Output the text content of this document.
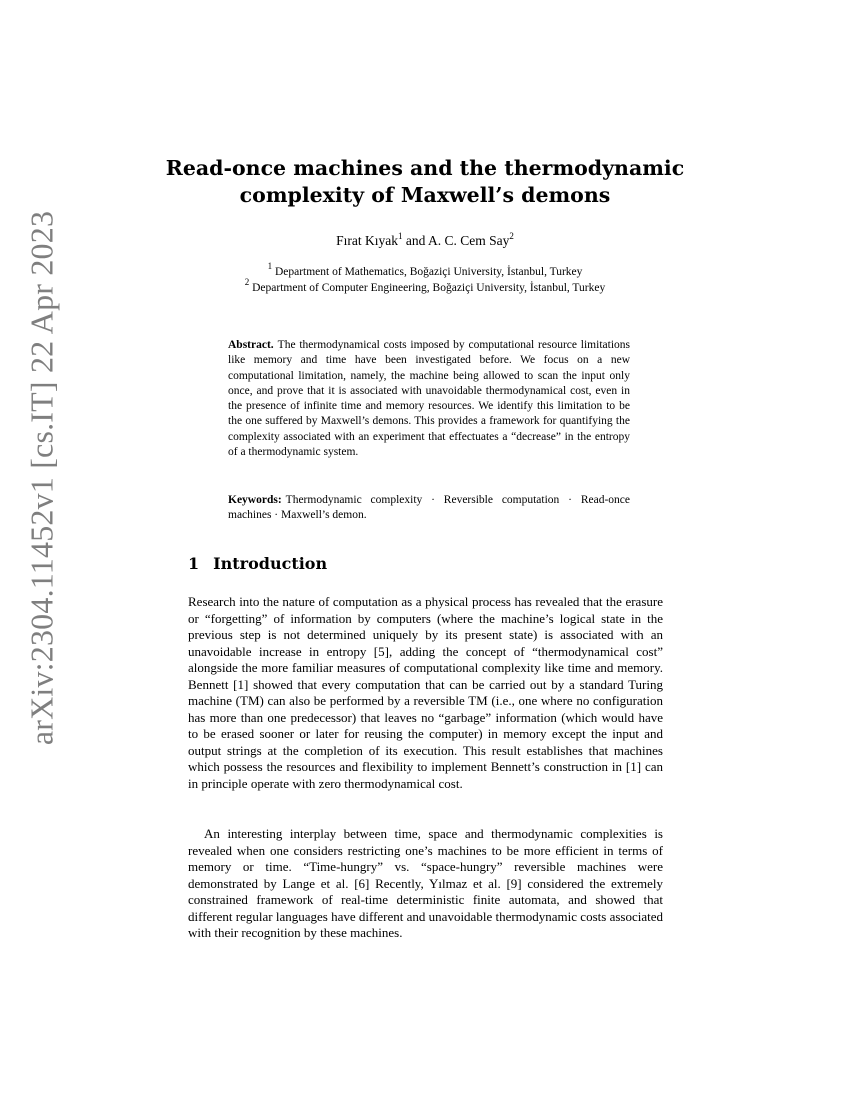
arXiv:2304.11452v1 [cs.IT] 22 Apr 2023
Read-once machines and the thermodynamic
complexity of Maxwell’s demons
Fırat Kıyak$^1$ and A. C. Cem Say$^2$
$^1$ Department of Mathematics, Boğaziçi University, İstanbul, Turkey
$^2$ Department of Computer Engineering, Boğaziçi University, İstanbul, Turkey
Abstract. The thermodynamical costs imposed by computational resource limitations like memory and time have been investigated before. We focus on a new computational limitation, namely, the machine being allowed to scan the input only once, and prove that it is associated with unavoidable thermodynamical cost, even in the presence of infinite time and memory resources. We identify this limitation to be the one suffered by Maxwell’s demons. This provides a framework for quantifying the complexity associated with an experiment that effectuates a “decrease” in the entropy of a thermodynamic system.
Keywords: Thermodynamic complexity · Reversible computation · Read-once machines · Maxwell’s demon.
1 Introduction

Research into the nature of computation as a physical process has revealed that the erasure or “forgetting” of information by computers (where the machine’s logical state in the previous step is not determined uniquely by its present state) is associated with an unavoidable increase in entropy [5], adding the concept of “thermodynamical cost” alongside the more familiar measures of computational complexity like time and memory. Bennett [1] showed that every computation that can be carried out by a standard Turing machine (TM) can also be performed by a reversible TM (i.e., one where no configuration has more than one predecessor) that leaves no “garbage” information (which would have to be erased sooner or later for reusing the computer) in memory except the input and output strings at the completion of its execution. This result establishes that machines which possess the resources and flexibility to implement Bennett’s construction in [1] can in principle operate with zero thermodynamical cost.

An interesting interplay between time, space and thermodynamic complexities is revealed when one considers restricting one’s machines to be more efficient in terms of memory or time. “Time-hungry” vs. “space-hungry” reversible machines were demonstrated by Lange et al. [6] Recently, Yılmaz et al. [9] considered the extremely constrained framework of real-time deterministic finite automata, and showed that different regular languages have different and unavoidable thermodynamic costs associated with their recognition by these machines.
